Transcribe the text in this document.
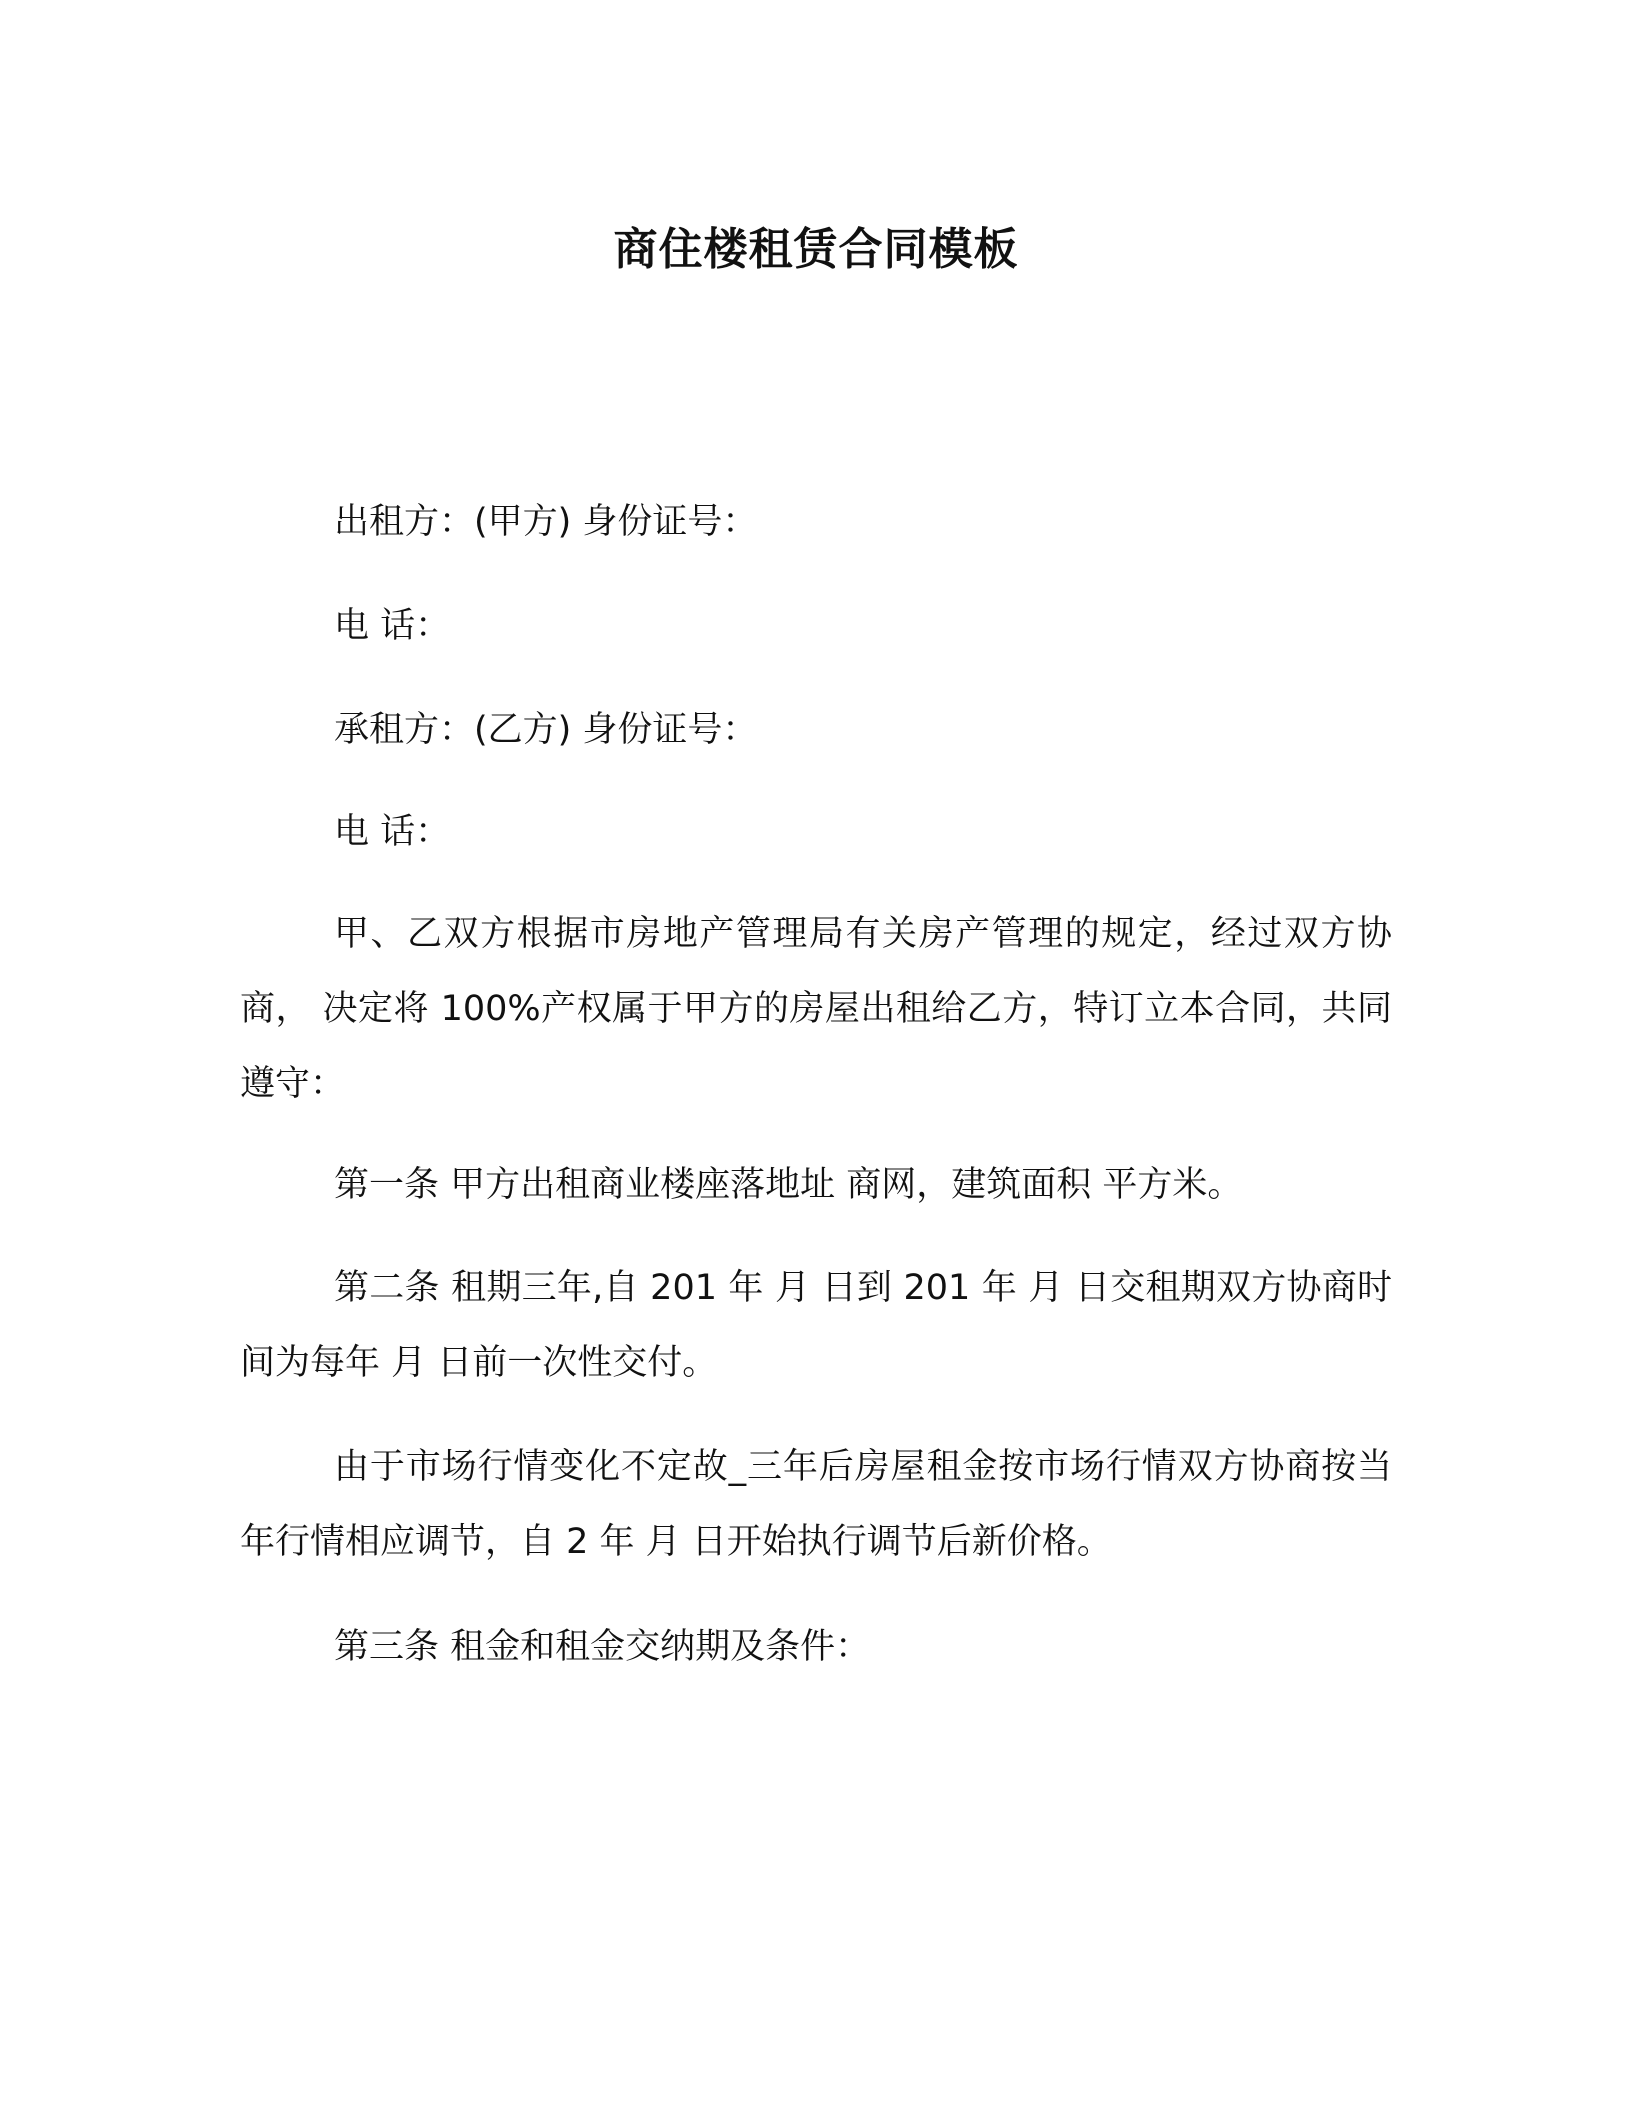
商住楼租赁合同模板

出租方：(甲方) 身份证号：

电 话：

承租方：(乙方) 身份证号：

电 话：

甲、乙双方根据市房地产管理局有关房产管理的规定，经过双方协商， 决定将 100%产权属于甲方的房屋出租给乙方，特订立本合同，共同遵守：

第一条 甲方出租商业楼座落地址 商网，建筑面积 平方米。

第二条 租期三年,自 201 年 月 日到 201 年 月 日交租期双方协商时间为每年 月 日前一次性交付。

由于市场行情变化不定故_三年后房屋租金按市场行情双方协商按当年行情相应调节，自 2 年 月 日开始执行调节后新价格。

第三条 租金和租金交纳期及条件：
